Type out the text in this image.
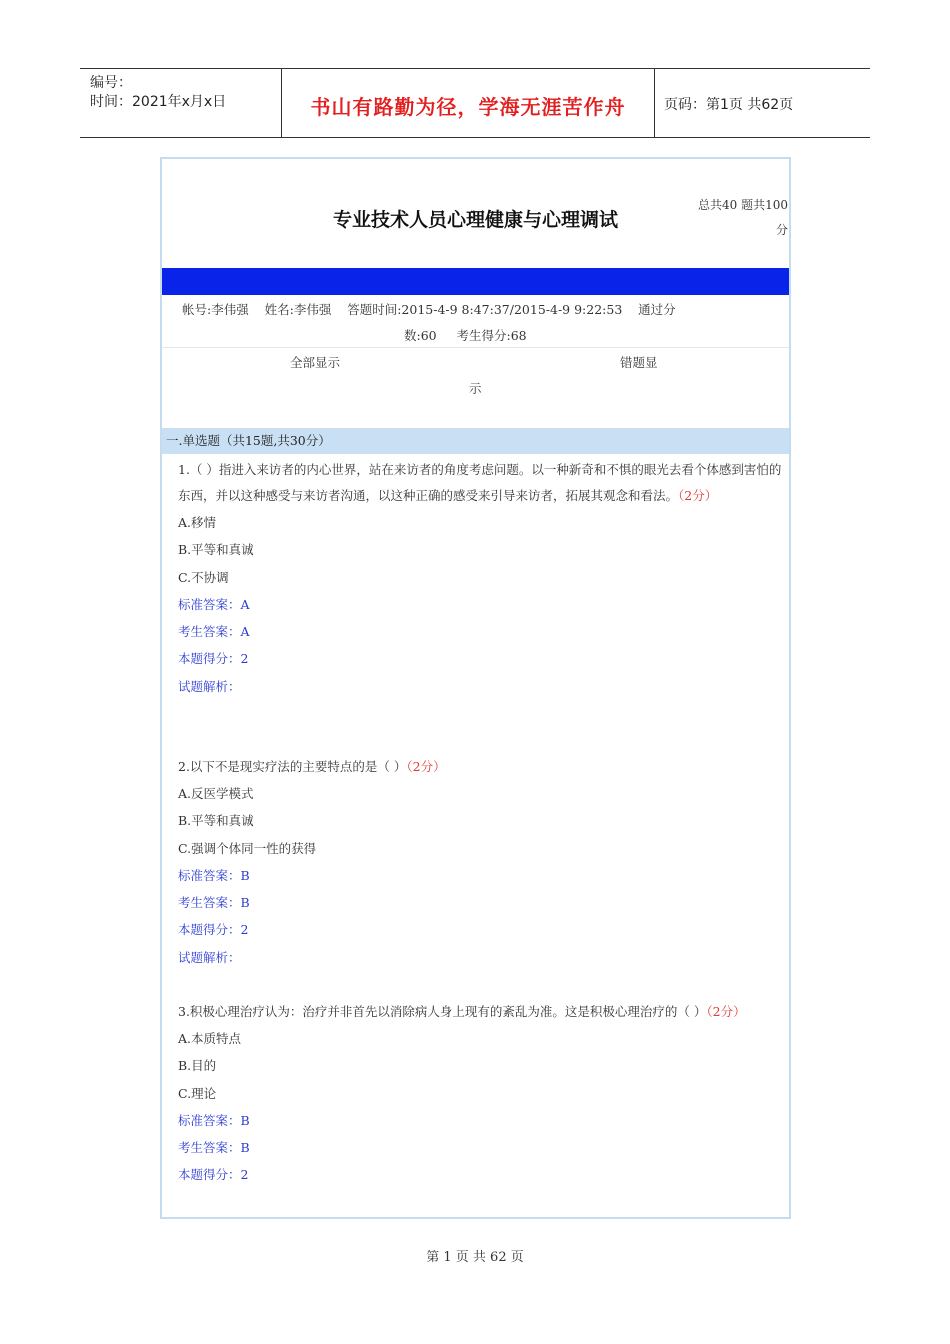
编号：
时间：2021年x月x日	书山有路勤为径，学海无涯苦作舟	页码：第1页 共62页
专业技术人员心理健康与心理调试
总共40 题共100
分
帐号:李伟强    姓名:李伟强    答题时间:2015-4-9 8:47:37/2015-4-9 9:22:53    通过分
数:60     考生得分:68
全部显示	错题显
示
一.单选题（共15题,共30分）
1.（ ）指进入来访者的内心世界，站在来访者的角度考虑问题。以一种新奇和不惧的眼光去看个体感到害怕的东西，并以这种感受与来访者沟通，以这种正确的感受来引导来访者，拓展其观念和看法。（2分）
A.移情
B.平等和真诚
C.不协调
标准答案：A
考生答案：A
本题得分：2
试题解析：
2.以下不是现实疗法的主要特点的是（ ）（2分）
A.反医学模式
B.平等和真诚
C.强调个体同一性的获得
标准答案：B
考生答案：B
本题得分：2
试题解析：
3.积极心理治疗认为：治疗并非首先以消除病人身上现有的紊乱为准。这是积极心理治疗的（ ）（2分）
A.本质特点
B.目的
C.理论
标准答案：B
考生答案：B
本题得分：2
第 1 页 共 62 页
